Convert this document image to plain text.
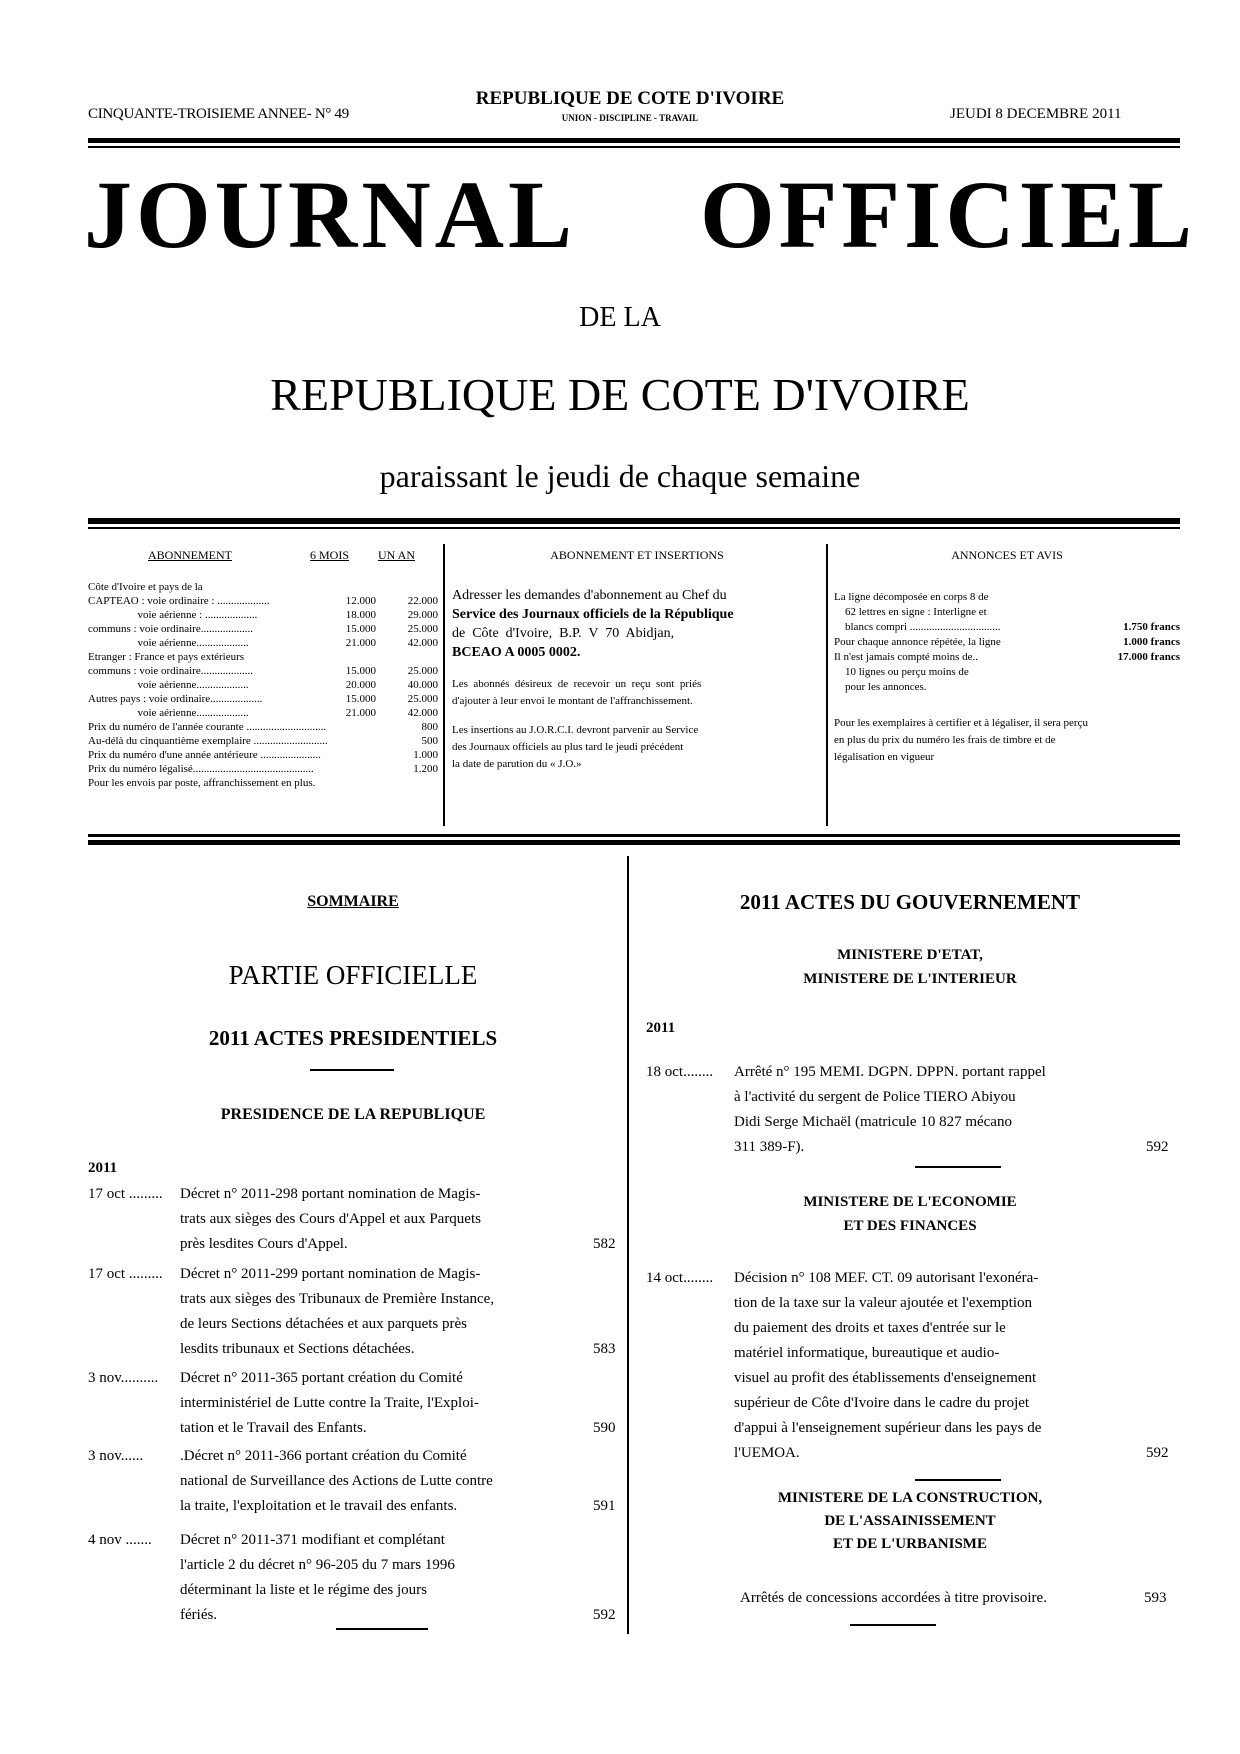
CINQUANTE-TROISIEME ANNEE- N° 49
REPUBLIQUE DE COTE D'IVOIRE
UNION - DISCIPLINE - TRAVAIL	JEUDI 8 DECEMBRE 2011
JOURNAL OFFICIEL
DE LA
REPUBLIQUE DE COTE D'IVOIRE
paraissant le jeudi de chaque semaine
ABONNEMENT	6 MOIS UN AN
Côte d'Ivoire et pays de la
CAPTEAO : voie ordinaire : ...................	12.000	22.000
voie aérienne : ...................	18.000	29.000
communs : voie ordinaire...................	15.000	25.000
voie aérienne...................	21.000	42.000
Etranger : France et pays extérieurs
communs : voie ordinaire...................	15.000	25.000
voie aérienne...................	20.000	40.000
Autres pays : voie ordinaire...................	15.000	25.000
voie aérienne...................	21.000	42.000
Prix du numéro de l'année courante .............................	800
Au-délà du cinquantième exemplaire ...........................	500
Prix du numéro d'une année antérieure ......................	1.000
Prix du numéro légalisé............................................	1.200
Pour les envois par poste, affranchissement en plus.
ABONNEMENT ET INSERTIONS
Adresser les demandes d'abonnement au Chef du
Service des Journaux officiels de la République
de  Côte  d'Ivoire,  B.P.  V  70  Abidjan,
BCEAO A 0005 0002.
Les  abonnés  désireux  de  recevoir  un  reçu  sont  priés
d'ajouter à leur envoi le montant de l'affranchissement.
Les insertions au J.O.R.C.I. devront parvenir au Service
des Journaux officiels au plus tard le jeudi précédent
la date de parution du « J.O.»
ANNONCES ET AVIS
La ligne décomposée en corps 8 de
62 lettres en signe : Interligne et
blancs compri .................................	1.750 francs
Pour chaque annonce répétée, la ligne	1.000 francs
Il n'est jamais compté moins de..	17.000 francs
10 lignes ou perçu moins de
pour les annonces.
Pour les exemplaires à certifier et à légaliser, il sera perçu
en plus du prix du numéro les frais de timbre et de
légalisation en vigueur
SOMMAIRE
PARTIE OFFICIELLE
2011 ACTES PRESIDENTIELS
PRESIDENCE DE LA REPUBLIQUE
2011
17 oct ......... Décret n° 2011-298 portant nomination de Magis-
trats aux sièges des Cours d'Appel et aux Parquets
près lesdites Cours d'Appel.	582
17 oct ......... Décret n° 2011-299 portant nomination de Magis-
trats aux sièges des Tribunaux de Première Instance,
de leurs Sections détachées et aux parquets près
lesdits tribunaux et Sections détachées.	583
3 nov.......... Décret n° 2011-365 portant création du Comité
interministériel de Lutte contre la Traite, l'Exploi-
tation et le Travail des Enfants.	590
3 nov...... .Décret n° 2011-366 portant création du Comité
national de Surveillance des Actions de Lutte contre
la traite, l'exploitation et le travail des enfants.	591
4 nov ....... Décret n° 2011-371 modifiant et complétant
l'article 2 du décret n° 96-205 du 7 mars 1996
déterminant la liste et le régime des jours
fériés.	592
2011 ACTES DU GOUVERNEMENT
MINISTERE D'ETAT,
MINISTERE DE L'INTERIEUR
2011
18 oct........ Arrêté n° 195 MEMI. DGPN. DPPN. portant rappel
à l'activité du sergent de Police TIERO Abiyou
Didi Serge Michaël (matricule 10 827 mécano
311 389-F).	592
MINISTERE DE L'ECONOMIE
ET DES FINANCES
14 oct........ Décision n° 108 MEF. CT. 09 autorisant l'exonéra-
tion de la taxe sur la valeur ajoutée et l'exemption
du paiement des droits et taxes d'entrée sur le
matériel informatique, bureautique et audio-
visuel au profit des établissements d'enseignement
supérieur de Côte d'Ivoire dans le cadre du projet
d'appui à l'enseignement supérieur dans les pays de
l'UEMOA.	592
MINISTERE DE LA CONSTRUCTION,
DE L'ASSAINISSEMENT
ET DE L'URBANISME
Arrêtés de concessions accordées à titre provisoire.	593
